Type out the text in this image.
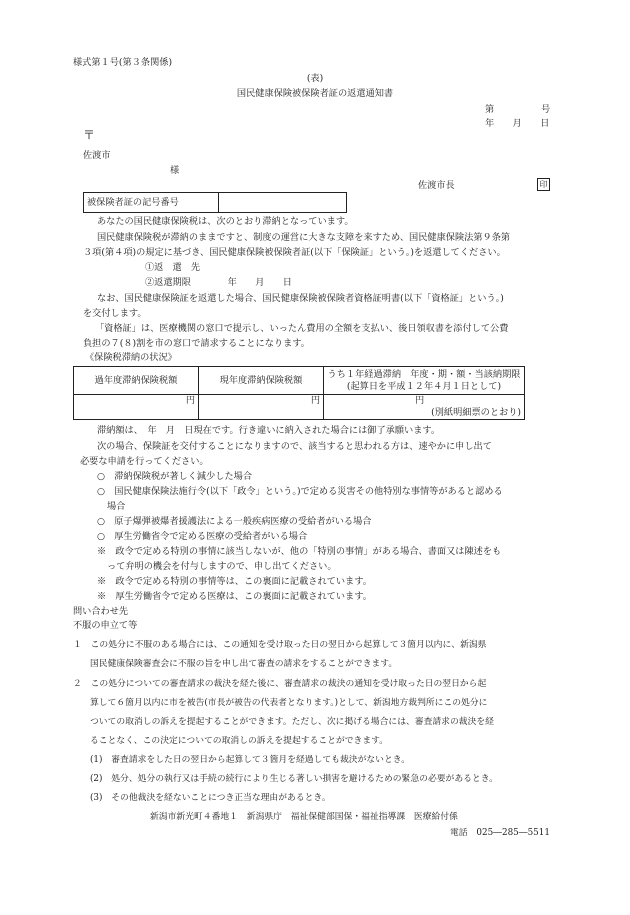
様式第１号(第３条関係)
(表)
国民健康保険被保険者証の返還通知書
第	号
年　　月　　日
〒
佐渡市
様
佐渡市長	印
被保険者証の記号番号	
あなたの国民健康保険税は、次のとおり滞納となっています。
国民健康保険税が滞納のままですと、制度の運営に大きな支障を来すため、国民健康保険法第９条第
３項(第４項)の規定に基づき、国民健康保険被保険者証(以下「保険証」という。)を返還してください。
①返　還　先
②返還期限　　　　年　　月　　日
なお、国民健康保険証を返還した場合、国民健康保険被保険者資格証明書(以下「資格証」という。)
を交付します。
「資格証」は、医療機関の窓口で提示し、いったん費用の全額を支払い、後日領収書を添付して公費
負担の７(８)割を市の窓口で請求することになります。
《保険税滞納の状況》
過年度滞納保険税額	現年度滞納保険税額	うち１年経過滞納　年度・期・額・当該納期限
(起算日を平成１２年４月１日として)

円	円	円
(別紙明細票のとおり)
滞納額は、　年　月　日現在です。行き違いに納入された場合には御了承願います。
次の場合、保険証を交付することになりますので、該当すると思われる方は、速やかに申し出て
必要な申請を行ってください。
○　滞納保険税が著しく減少した場合
○　国民健康保険法施行令(以下「政令」という。)で定める災害その他特別な事情等があると認める
場合
○　原子爆弾被爆者援護法による一般疾病医療の受給者がいる場合
○　厚生労働省令で定める医療の受給者がいる場合
※　政令で定める特別の事情に該当しないが、他の「特別の事情」がある場合、書面又は陳述をも
って弁明の機会を付与しますので、申し出てください。
※　政令で定める特別の事情等は、この裏面に記載されています。
※　厚生労働省令で定める医療は、この裏面に記載されています。
問い合わせ先
不服の申立て等
１　この処分に不服のある場合には、この通知を受け取った日の翌日から起算して３箇月以内に、新潟県
国民健康保険審査会に不服の旨を申し出て審査の請求をすることができます。
２　この処分についての審査請求の裁決を経た後に、審査請求の裁決の通知を受け取った日の翌日から起
算して６箇月以内に市を被告(市長が被告の代表者となります。)として、新潟地方裁判所にこの処分に
ついての取消しの訴えを提起することができます。ただし、次に掲げる場合には、審査請求の裁決を経
ることなく、この決定についての取消しの訴えを提起することができます。
(1)　審査請求をした日の翌日から起算して３箇月を経過しても裁決がないとき。
(2)　処分、処分の執行又は手続の続行により生じる著しい損害を避けるための緊急の必要があるとき。
(3)　その他裁決を経ないことにつき正当な理由があるとき。
新潟市新光町４番地１　新潟県庁　福祉保健部国保・福祉指導課　医療給付係
電話　025―285―5511
